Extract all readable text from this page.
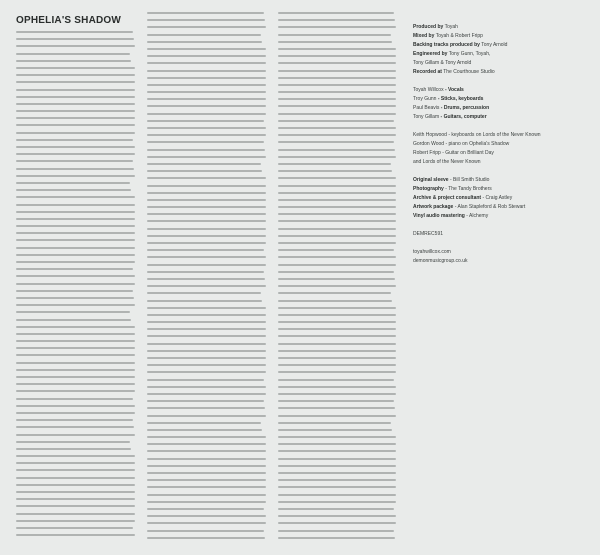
OPHELIA'S SHADOW
Produced by Toyah
Mixed by Toyah & Robert Fripp
Backing tracks produced by Tony Arnold
Engineered by Tony Gunn, Toyah,
Tony Gillam & Tony Arnold
Recorded at The Courthouse Studio
Toyah Willcox - Vocals
Troy Gunn - Sticks, keyboards
Paul Beavis - Drums, percussion
Tony Gillam - Guitars, computer
Keith Hopwood - keyboards on Lords of the Never Known
Gordon Wood - piano on Ophelia's Shadow
Robert Fripp - Guitar on Brilliant Day
and Lords of the Never Known
Original sleeve - Bill Smith Studio
Photography - The Tandy Brothers
Archive & project consultant - Craig Astley
Artwork package - Alan Stapleford & Rob Stewart
Vinyl audio mastering - Alchemy
DEMREC591
toyahwillcox.com
demonmusicgroup.co.uk
